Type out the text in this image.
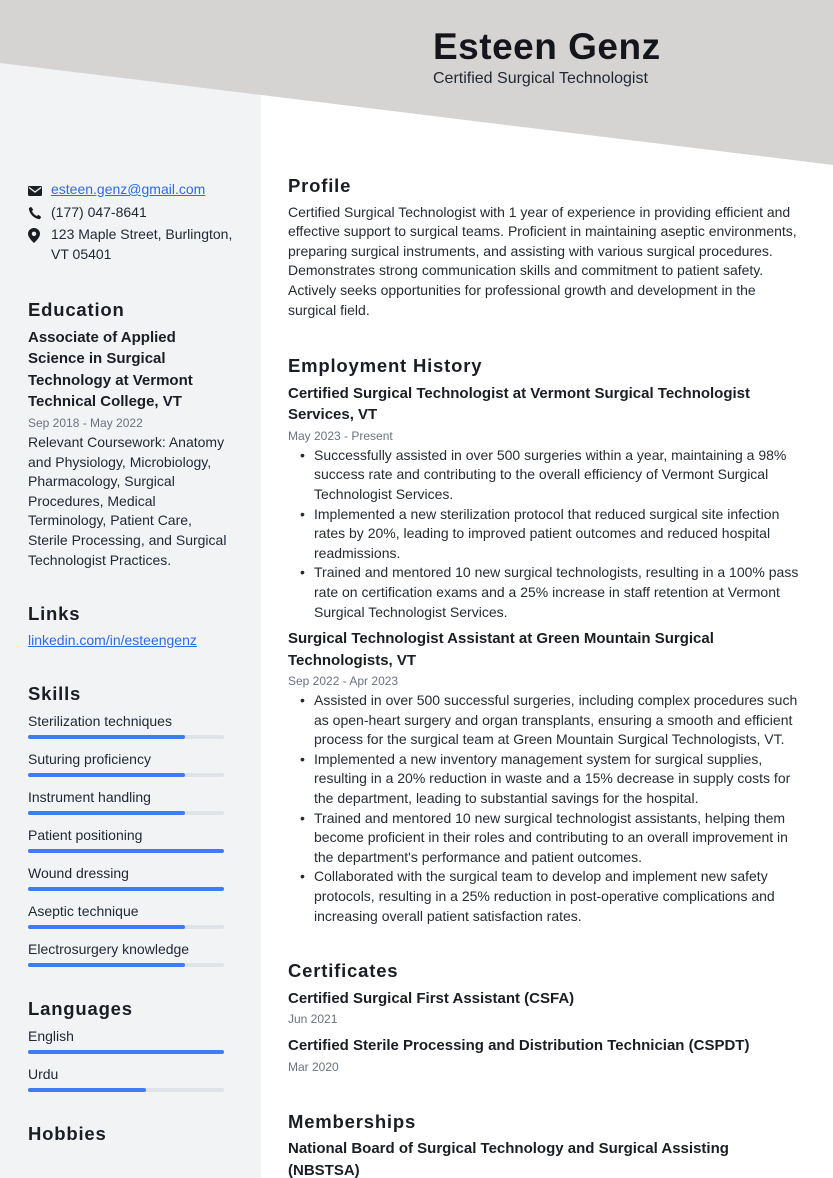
Esteen Genz
Certified Surgical Technologist
esteen.genz@gmail.com
(177) 047-8641
123 Maple Street, Burlington,
VT 05401
Education
Associate of Applied Science in Surgical Technology at Vermont Technical College, VT
Sep 2018 - May 2022
Relevant Coursework: Anatomy and Physiology, Microbiology, Pharmacology, Surgical Procedures, Medical Terminology, Patient Care, Sterile Processing, and Surgical Technologist Practices.
Links
linkedin.com/in/esteengenz
Skills
Sterilization techniques
Suturing proficiency
Instrument handling
Patient positioning
Wound dressing
Aseptic technique
Electrosurgery knowledge
Languages
English
Urdu
Hobbies
Profile
Certified Surgical Technologist with 1 year of experience in providing efficient and effective support to surgical teams. Proficient in maintaining aseptic environments, preparing surgical instruments, and assisting with various surgical procedures. Demonstrates strong communication skills and commitment to patient safety. Actively seeks opportunities for professional growth and development in the surgical field.
Employment History
Certified Surgical Technologist at Vermont Surgical Technologist Services, VT
May 2023 - Present
• Successfully assisted in over 500 surgeries within a year, maintaining a 98% success rate and contributing to the overall efficiency of Vermont Surgical Technologist Services.
• Implemented a new sterilization protocol that reduced surgical site infection rates by 20%, leading to improved patient outcomes and reduced hospital readmissions.
• Trained and mentored 10 new surgical technologists, resulting in a 100% pass rate on certification exams and a 25% increase in staff retention at Vermont Surgical Technologist Services.
Surgical Technologist Assistant at Green Mountain Surgical Technologists, VT
Sep 2022 - Apr 2023
• Assisted in over 500 successful surgeries, including complex procedures such as open-heart surgery and organ transplants, ensuring a smooth and efficient process for the surgical team at Green Mountain Surgical Technologists, VT.
• Implemented a new inventory management system for surgical supplies, resulting in a 20% reduction in waste and a 15% decrease in supply costs for the department, leading to substantial savings for the hospital.
• Trained and mentored 10 new surgical technologist assistants, helping them become proficient in their roles and contributing to an overall improvement in the department's performance and patient outcomes.
• Collaborated with the surgical team to develop and implement new safety protocols, resulting in a 25% reduction in post-operative complications and increasing overall patient satisfaction rates.
Certificates
Certified Surgical First Assistant (CSFA)
Jun 2021
Certified Sterile Processing and Distribution Technician (CSPDT)
Mar 2020
Memberships
National Board of Surgical Technology and Surgical Assisting (NBSTSA)
